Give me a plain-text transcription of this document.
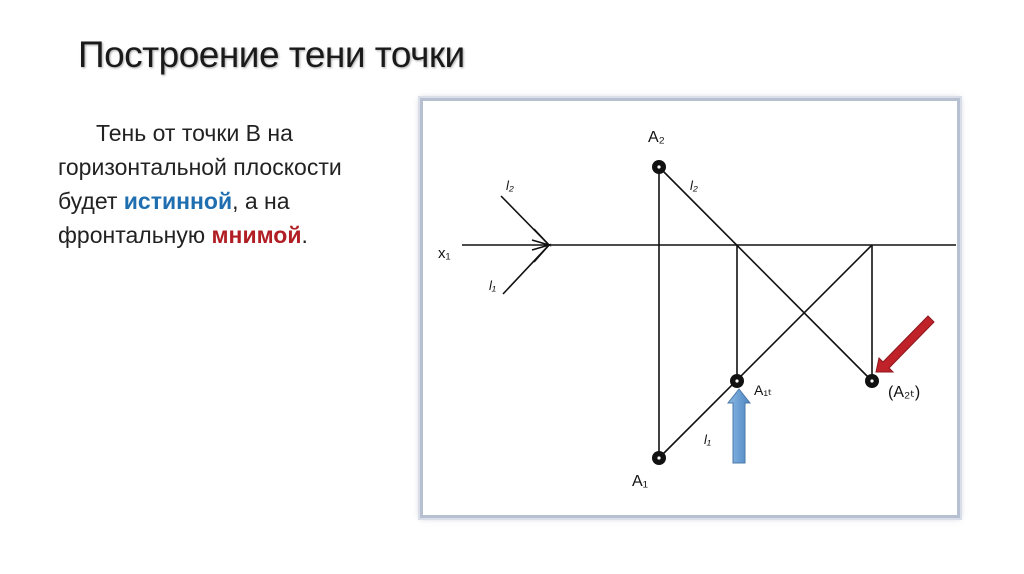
Построение тени точки
Тень от точки B на
горизонтальной плоскости
будет истинной, а на
фронтальную мнимой.
x₁
l₂
l₁
A₂
A₁
A₁ₜ	(A₂ₜ)
l₂
l₁
